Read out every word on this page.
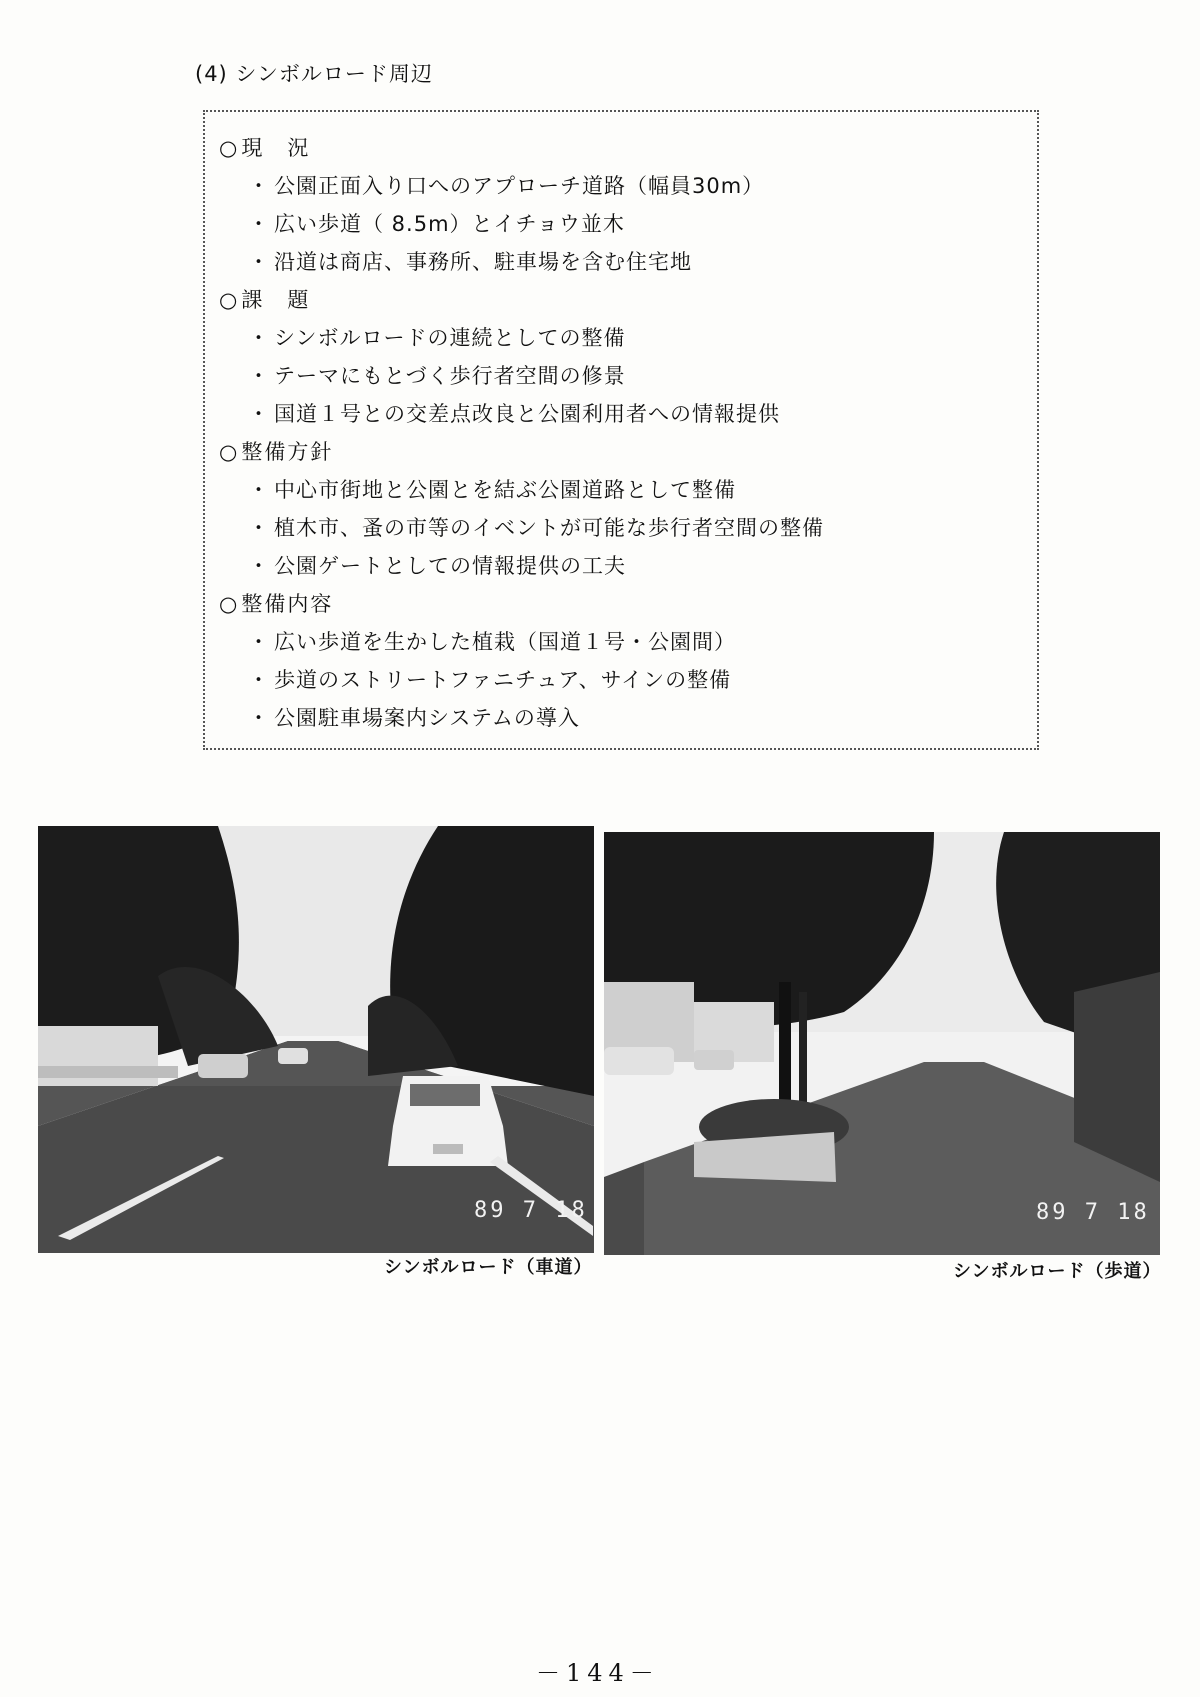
(4) シンボルロード周辺
○現　況
・ 公園正面入り口へのアプローチ道路（幅員30m）
・ 広い歩道（ 8.5m）とイチョウ並木
・ 沿道は商店、事務所、駐車場を含む住宅地
○課　題
・ シンボルロードの連続としての整備
・ テーマにもとづく歩行者空間の修景
・ 国道１号との交差点改良と公園利用者への情報提供
○整備方針
・ 中心市街地と公園とを結ぶ公園道路として整備
・ 植木市、蚤の市等のイベントが可能な歩行者空間の整備
・ 公園ゲートとしての情報提供の工夫
○整備内容
・ 広い歩道を生かした植栽（国道１号・公園間）
・ 歩道のストリートファニチュア、サインの整備
・ 公園駐車場案内システムの導入
89 7 18
シンボルロード（車道）
89 7 18
シンボルロード（歩道）
－144－
